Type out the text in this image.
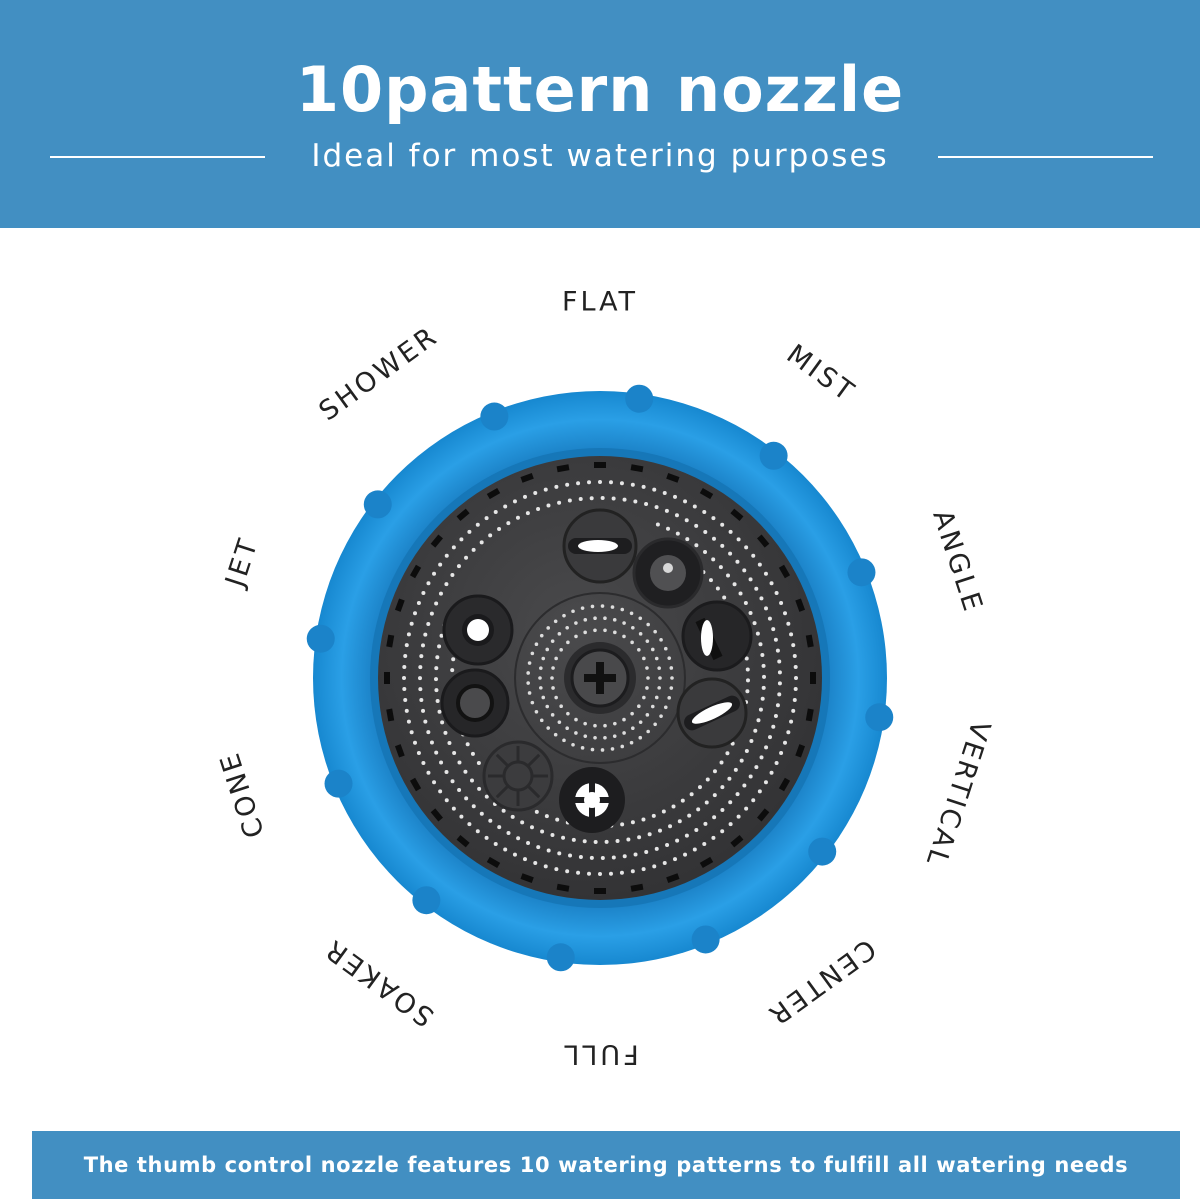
10pattern nozzle
Ideal for most watering purposes
FLAT
MIST
ANGLE
VERTICAL
CENTER
FULL
SOAKER
CONE
JET
SHOWER
The thumb control nozzle features 10 watering patterns to fulfill all watering needs
